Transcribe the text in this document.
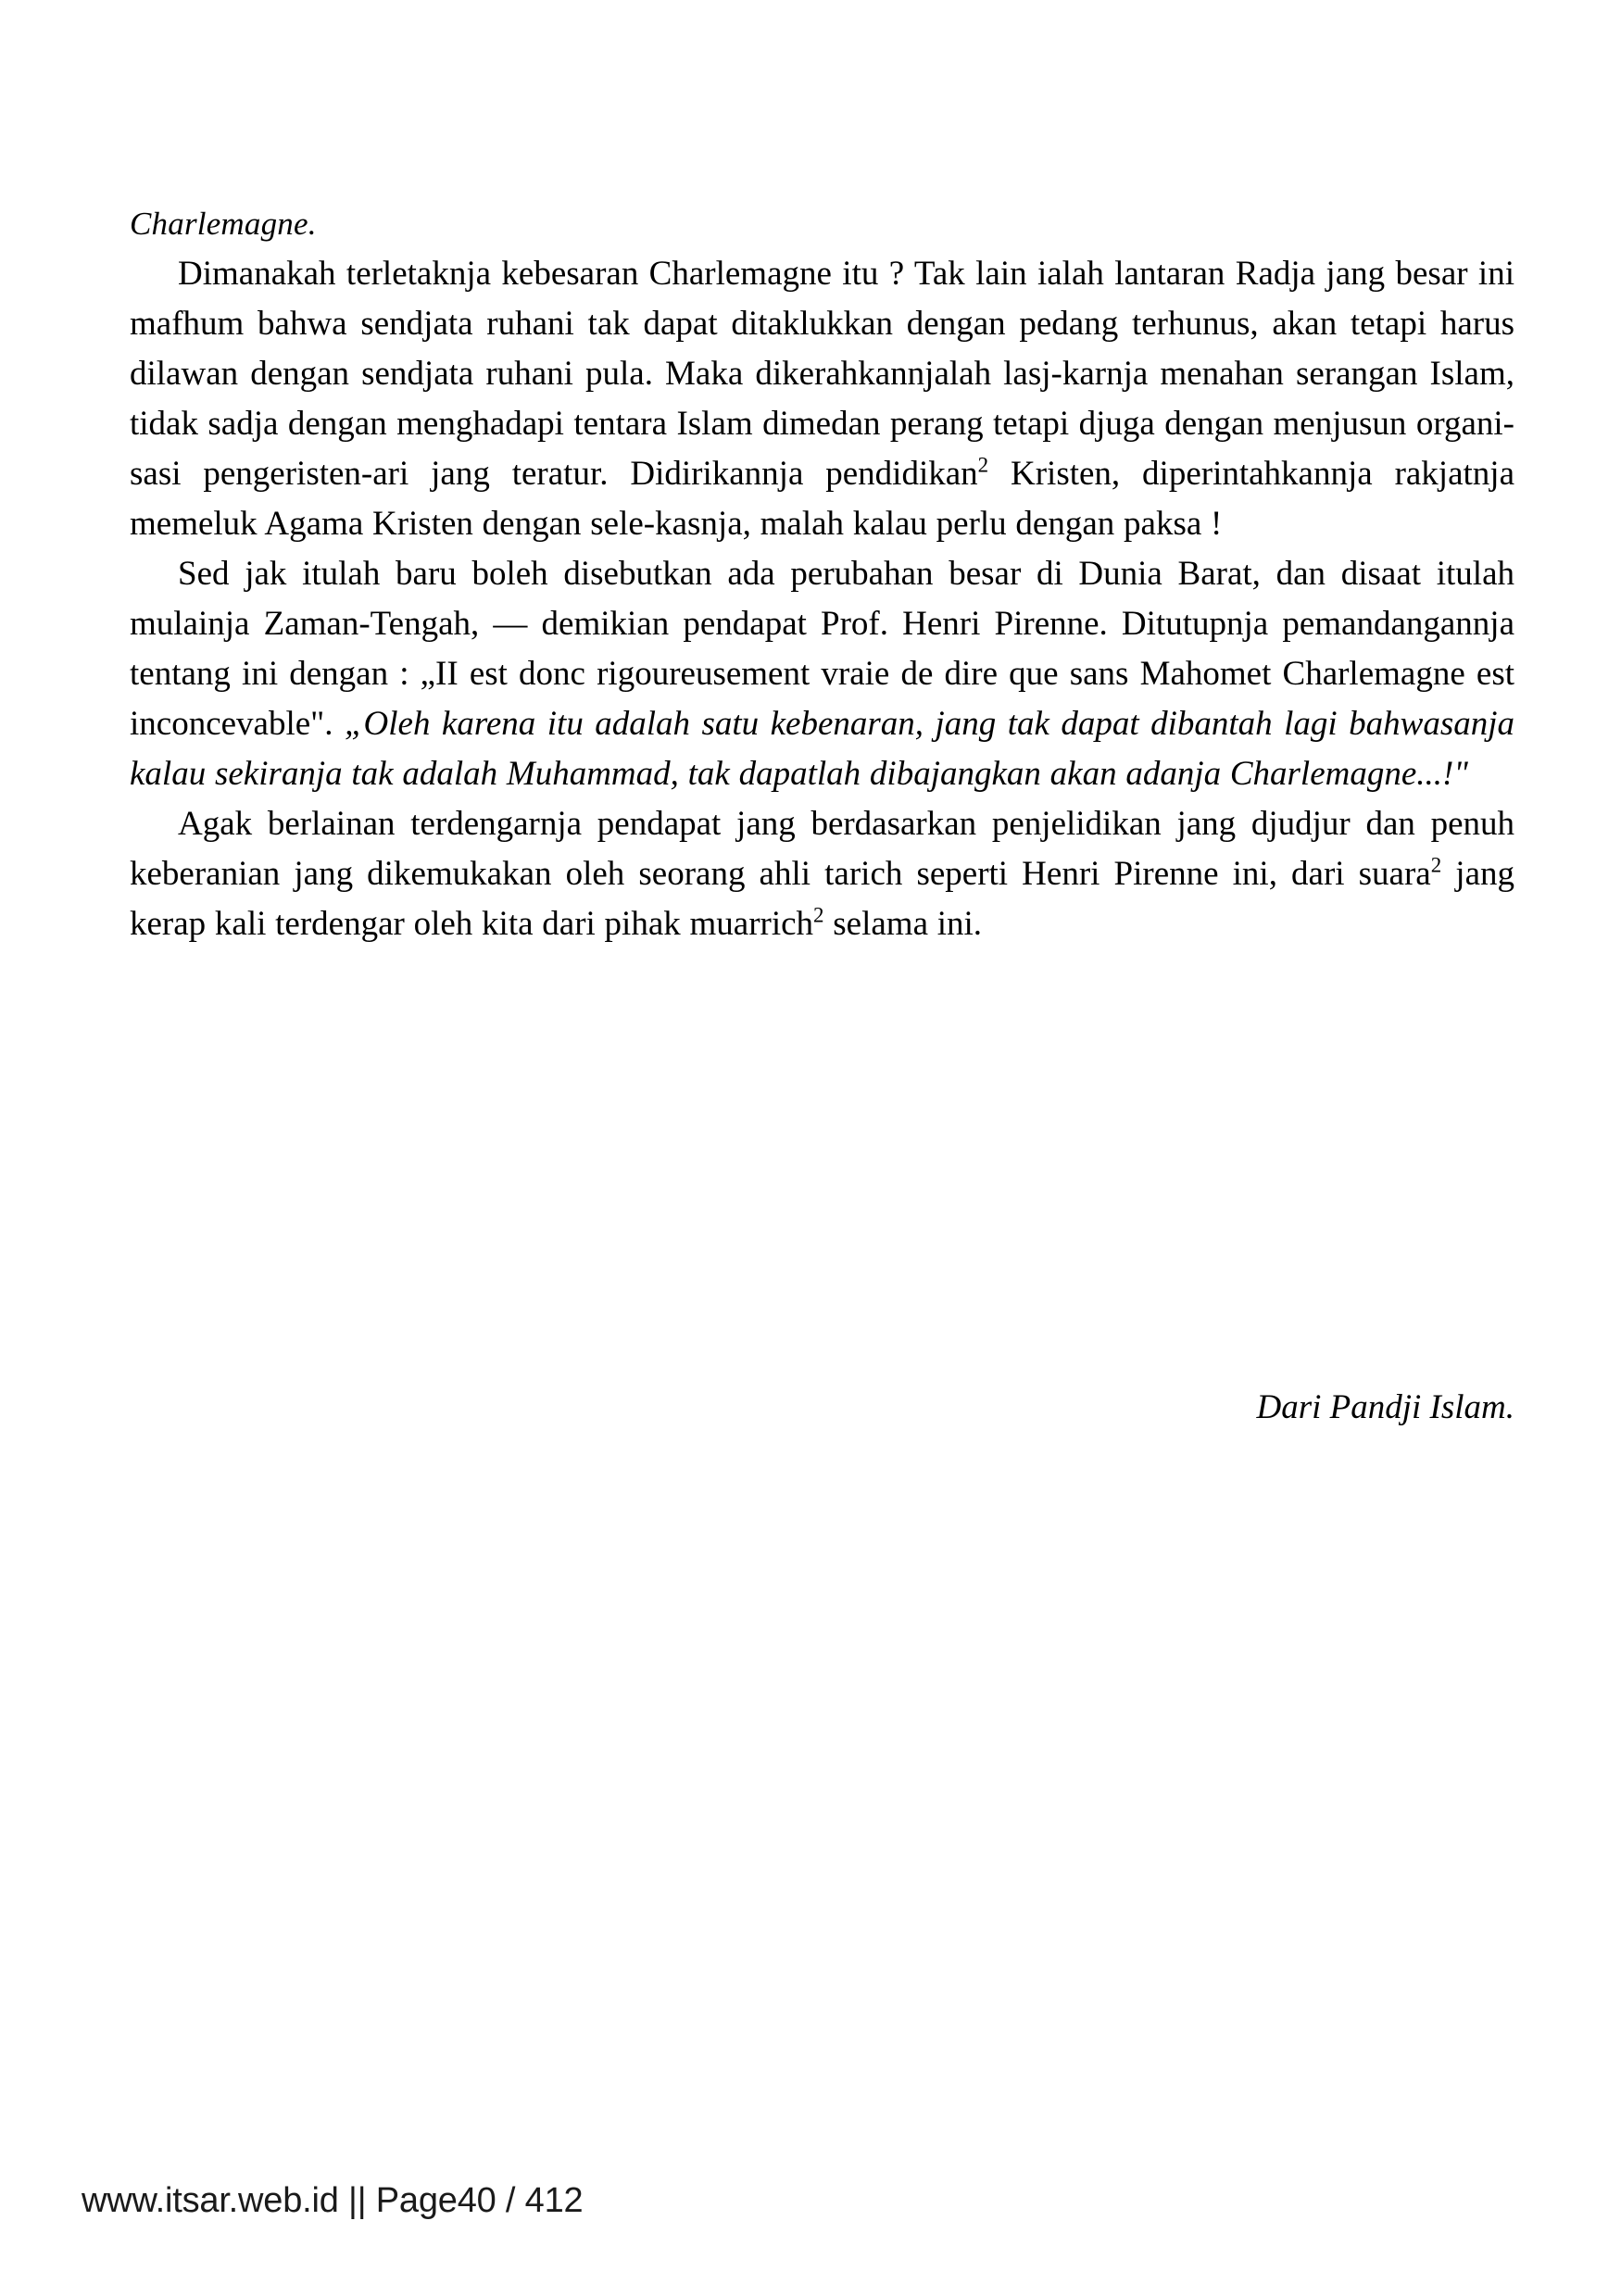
Charlemagne.

Dimanakah terletaknja kebesaran Charlemagne itu ? Tak lain ialah lantaran Radja jang besar ini mafhum bahwa sendjata ruhani tak dapat ditaklukkan dengan pedang terhunus, akan tetapi harus dilawan dengan sendjata ruhani pula. Maka dikerahkannjalah lasj-karnja menahan serangan Islam, tidak sadja dengan menghadapi tentara Islam dimedan perang tetapi djuga dengan menjusun organi-sasi pengeristen-ari jang teratur. Didirikannja pendidikan$^2$ Kristen, diperintahkannja rakjatnja memeluk Agama Kristen dengan sele-kasnja, malah kalau perlu dengan paksa !

Sed jak itulah baru boleh disebutkan ada perubahan besar di Dunia Barat, dan disaat itulah mulainja Zaman-Tengah, — demikian pendapat Prof. Henri Pirenne. Ditutupnja pemandangannja tentang ini dengan : „II est donc rigoureusement vraie de dire que sans Mahomet Charlemagne est inconcevable". „Oleh karena itu adalah satu kebenaran, jang tak dapat dibantah lagi bahwasanja kalau sekiranja tak adalah Muhammad, tak dapatlah dibajangkan akan adanja Charlemagne...!"

Agak berlainan terdengarnja pendapat jang berdasarkan penjelidikan jang djudjur dan penuh keberanian jang dikemukakan oleh seorang ahli tarich seperti Henri Pirenne ini, dari suara$^2$ jang kerap kali terdengar oleh kita dari pihak muarrich$^2$ selama ini.

Dari Pandji Islam.
www.itsar.web.id || Page40 / 412
